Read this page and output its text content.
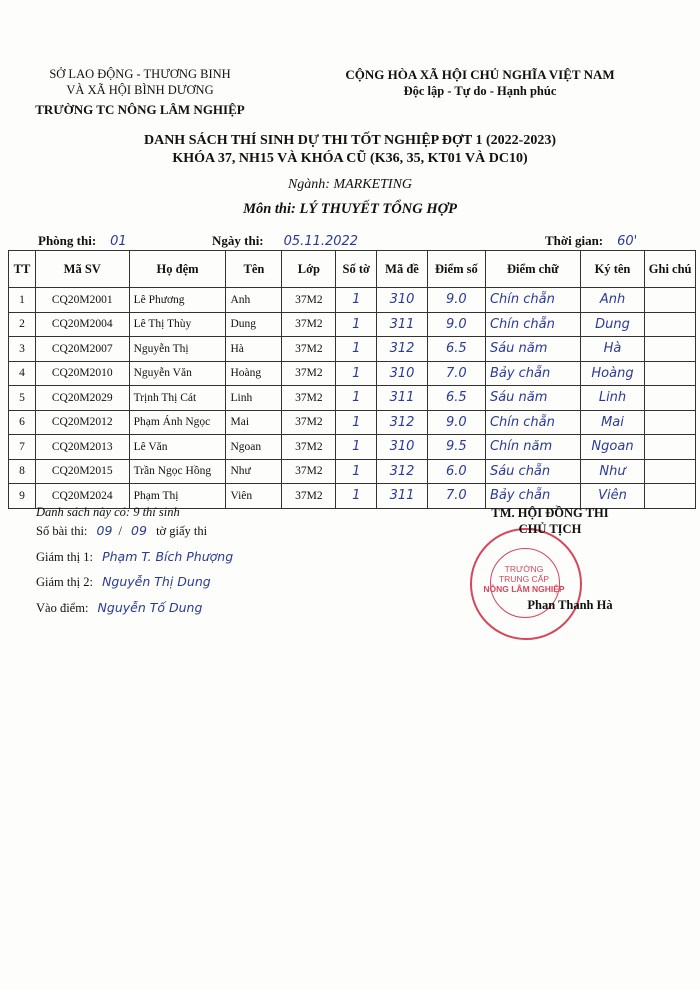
SỞ LAO ĐỘNG - THƯƠNG BINH
VÀ XÃ HỘI BÌNH DƯƠNG
TRƯỜNG TC NÔNG LÂM NGHIỆP
CỘNG HÒA XÃ HỘI CHỦ NGHĨA VIỆT NAM
Độc lập - Tự do - Hạnh phúc
DANH SÁCH THÍ SINH DỰ THI TỐT NGHIỆP ĐỢT 1 (2022-2023)
KHÓA 37, NH15 VÀ KHÓA CŨ (K36, 35, KT01 VÀ DC10)
Ngành: MARKETING
Môn thi: LÝ THUYẾT TỔNG HỢP
Phòng thi: 01	Ngày thi: 05.11.2022	Thời gian: 60'
TT	Mã SV	Họ đệm	Tên	Lớp	Số tờ	Mã đề	Điểm số	Điểm chữ	Ký tên	Ghi chú
1	CQ20M2001	Lê Phương	Anh	37M2	1	310	9.0	Chín chẵn	Anh	
2	CQ20M2004	Lê Thị Thùy	Dung	37M2	1	311	9.0	Chín chẵn	Dung	
3	CQ20M2007	Nguyễn Thị	Hà	37M2	1	312	6.5	Sáu năm	Hà	
4	CQ20M2010	Nguyễn Văn	Hoàng	37M2	1	310	7.0	Bảy chẵn	Hoàng	
5	CQ20M2029	Trịnh Thị Cát	Linh	37M2	1	311	6.5	Sáu năm	Linh	
6	CQ20M2012	Phạm Ánh Ngọc	Mai	37M2	1	312	9.0	Chín chẵn	Mai	
7	CQ20M2013	Lê Văn	Ngoan	37M2	1	310	9.5	Chín năm	Ngoan	
8	CQ20M2015	Trần Ngọc Hồng	Như	37M2	1	312	6.0	Sáu chẵn	Như	
9	CQ20M2024	Phạm Thị	Viên	37M2	1	311	7.0	Bảy chẵn	Viên	
Danh sách này có: 9 thí sinh
Số bài thi: 09 / 09 tờ giấy thi
Giám thị 1: Phạm T. Bích Phượng
Giám thị 2: Nguyễn Thị Dung
Vào điểm: Nguyễn Tố Dung
TRƯỜNG
TRUNG CẤP
NÔNG LÂM NGHIỆP
TM. HỘI ĐỒNG THI
CHỦ TỊCH
Phan Thanh Hà
